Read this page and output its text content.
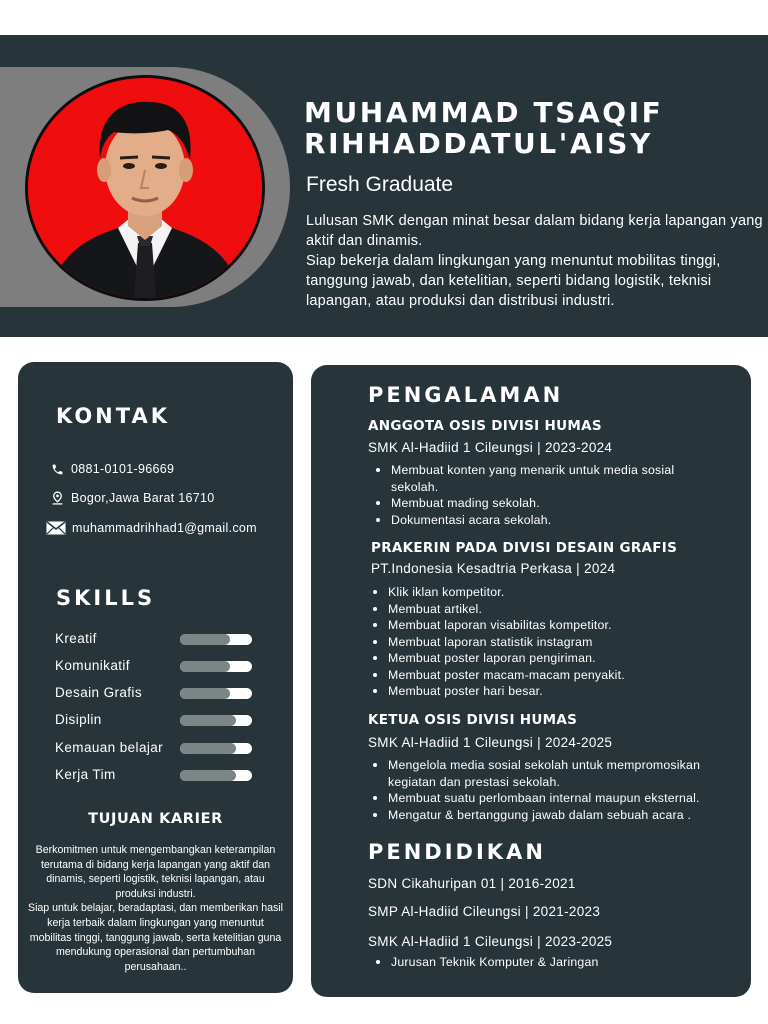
MUHAMMAD TSAQIF
RIHHADDATUL'AISY
Fresh Graduate

Lulusan SMK dengan minat besar dalam bidang kerja lapangan yang aktif dan dinamis.

Siap bekerja dalam lingkungan yang menuntut mobilitas tinggi, tanggung jawab, dan ketelitian, seperti bidang logistik, teknisi lapangan, atau produksi dan distribusi industri.

KONTAK
0881-0101-96669
Bogor,Jawa Barat 16710
muhammadrihhad1@gmail.com
SKILLS
Kreatif
Komunikatif
Desain Grafis
Disiplin
Kemauan belajar
Kerja Tim
TUJUAN KARIER

Berkomitmen untuk mengembangkan keterampilan terutama di bidang kerja lapangan yang aktif dan dinamis, seperti logistik, teknisi lapangan, atau produksi industri.

Siap untuk belajar, beradaptasi, dan memberikan hasil kerja terbaik dalam lingkungan yang menuntut mobilitas tinggi, tanggung jawab, serta ketelitian guna mendukung operasional dan pertumbuhan perusahaan..

PENGALAMAN
ANGGOTA OSIS DIVISI HUMAS
SMK Al-Hadiid 1 Cileungsi | 2023-2024
Membuat konten yang menarik untuk media sosial sekolah.
Membuat mading sekolah.
Dokumentasi acara sekolah.
PRAKERIN PADA DIVISI DESAIN GRAFIS
PT.Indonesia Kesadtria Perkasa | 2024
Klik iklan kompetitor.
Membuat artikel.
Membuat laporan visabilitas kompetitor.
Membuat laporan statistik instagram
Membuat poster laporan pengiriman.
Membuat poster macam-macam penyakit.
Membuat poster hari besar.
KETUA OSIS DIVISI HUMAS
SMK Al-Hadiid 1 Cileungsi | 2024-2025
Mengelola media sosial sekolah untuk mempromosikan kegiatan dan prestasi sekolah.
Membuat suatu perlombaan internal maupun eksternal.
Mengatur & bertanggung jawab dalam sebuah acara .
PENDIDIKAN
SDN Cikahuripan 01 | 2016-2021
SMP Al-Hadiid Cileungsi | 2021-2023
SMK Al-Hadiid 1 Cileungsi | 2023-2025
Jurusan Teknik Komputer & Jaringan
